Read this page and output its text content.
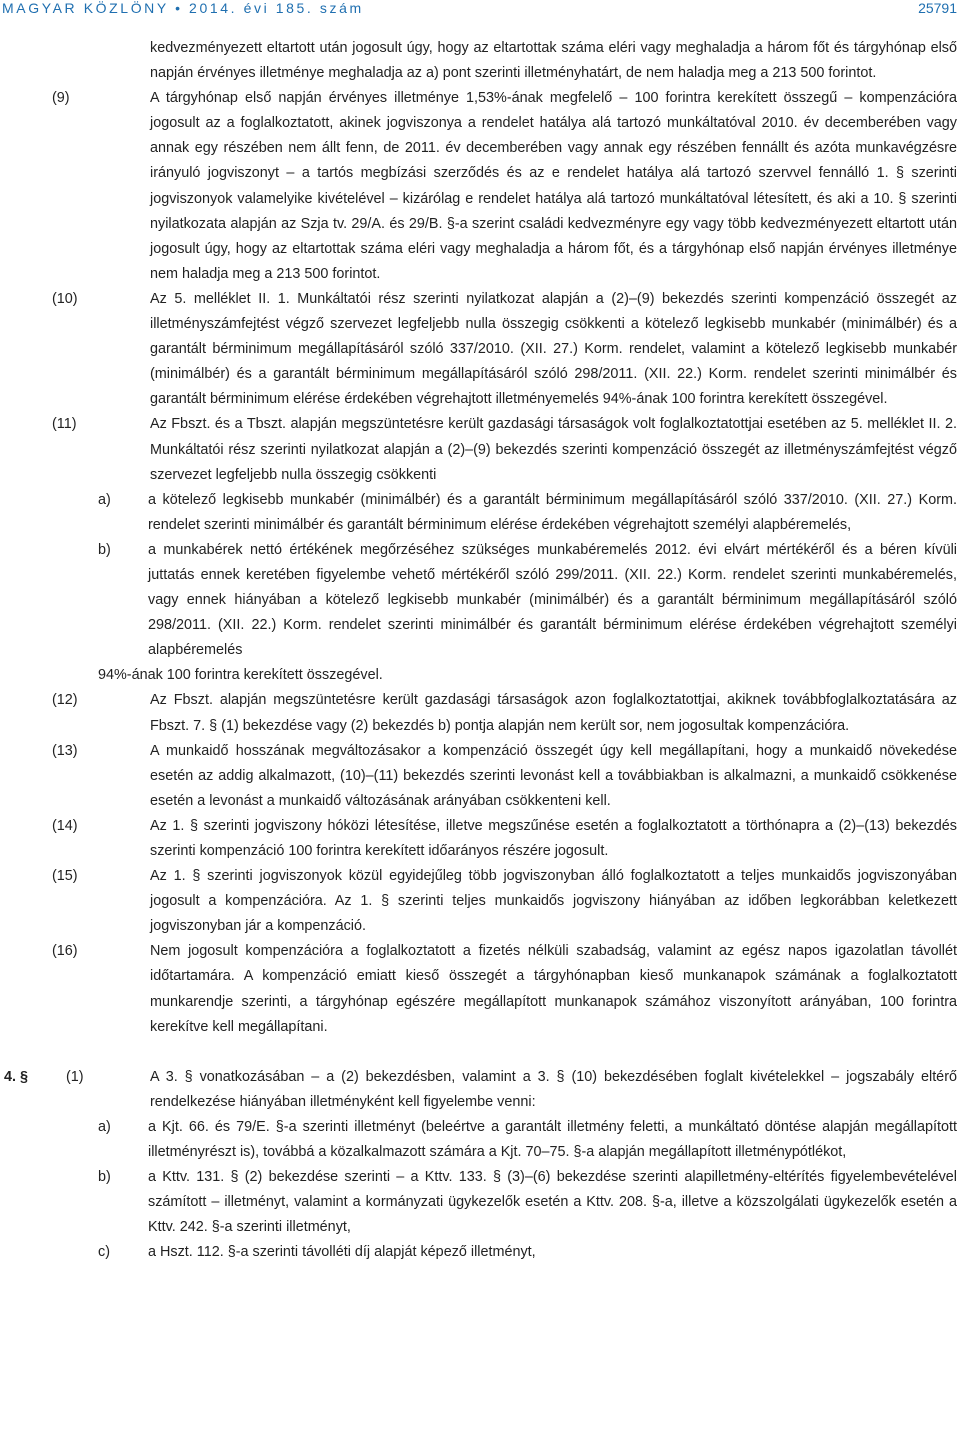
MAGYAR KÖZLÖNY • 2014. évi 185. szám	25791
kedvezményezett eltartott után jogosult úgy, hogy az eltartottak száma eléri vagy meghaladja a három főt és tárgyhónap első napján érvényes illetménye meghaladja az a) pont szerinti illetményhatárt, de nem haladja meg a 213 500 forintot.
(9)	A tárgyhónap első napján érvényes illetménye 1,53%-ának megfelelő – 100 forintra kerekített összegű – kompenzációra jogosult az a foglalkoztatott, akinek jogviszonya a rendelet hatálya alá tartozó munkáltatóval 2010. év decemberében vagy annak egy részében nem állt fenn, de 2011. év decemberében vagy annak egy részében fennállt és azóta munkavégzésre irányuló jogviszonyt – a tartós megbízási szerződés és az e rendelet hatálya alá tartozó szervvel fennálló 1. § szerinti jogviszonyok valamelyike kivételével – kizárólag e rendelet hatálya alá tartozó munkáltatóval létesített, és aki a 10. § szerinti nyilatkozata alapján az Szja tv. 29/A. és 29/B. §-a szerint családi kedvezményre egy vagy több kedvezményezett eltartott után jogosult úgy, hogy az eltartottak száma eléri vagy meghaladja a három főt, és a tárgyhónap első napján érvényes illetménye nem haladja meg a 213 500 forintot.
(10)	Az 5. melléklet II. 1. Munkáltatói rész szerinti nyilatkozat alapján a (2)–(9) bekezdés szerinti kompenzáció összegét az illetményszámfejtést végző szervezet legfeljebb nulla összegig csökkenti a kötelező legkisebb munkabér (minimálbér) és a garantált bérminimum megállapításáról szóló 337/2010. (XII. 27.) Korm. rendelet, valamint a kötelező legkisebb munkabér (minimálbér) és a garantált bérminimum megállapításáról szóló 298/2011. (XII. 22.) Korm. rendelet szerinti minimálbér és garantált bérminimum elérése érdekében végrehajtott illetményemelés 94%-ának 100 forintra kerekített összegével.
(11)	Az Fbszt. és a Tbszt. alapján megszüntetésre került gazdasági társaságok volt foglalkoztatottjai esetében az 5. melléklet II. 2. Munkáltatói rész szerinti nyilatkozat alapján a (2)–(9) bekezdés szerinti kompenzáció összegét az illetményszámfejtést végző szervezet legfeljebb nulla összegig csökkenti
a)	a kötelező legkisebb munkabér (minimálbér) és a garantált bérminimum megállapításáról szóló 337/2010. (XII. 27.) Korm. rendelet szerinti minimálbér és garantált bérminimum elérése érdekében végrehajtott személyi alapbéremelés,
b)	a munkabérek nettó értékének megőrzéséhez szükséges munkabéremelés 2012. évi elvárt mértékéről és a béren kívüli juttatás ennek keretében figyelembe vehető mértékéről szóló 299/2011. (XII. 22.) Korm. rendelet szerinti munkabéremelés, vagy ennek hiányában a kötelező legkisebb munkabér (minimálbér) és a garantált bérminimum megállapításáról szóló 298/2011. (XII. 22.) Korm. rendelet szerinti minimálbér és garantált bérminimum elérése érdekében végrehajtott személyi alapbéremelés
94%-ának 100 forintra kerekített összegével.
(12)	Az Fbszt. alapján megszüntetésre került gazdasági társaságok azon foglalkoztatottjai, akiknek továbbfoglalkoztatására az Fbszt. 7. § (1) bekezdése vagy (2) bekezdés b) pontja alapján nem került sor, nem jogosultak kompenzációra.
(13)	A munkaidő hosszának megváltozásakor a kompenzáció összegét úgy kell megállapítani, hogy a munkaidő növekedése esetén az addig alkalmazott, (10)–(11) bekezdés szerinti levonást kell a továbbiakban is alkalmazni, a munkaidő csökkenése esetén a levonást a munkaidő változásának arányában csökkenteni kell.
(14)	Az 1. § szerinti jogviszony hóközi létesítése, illetve megszűnése esetén a foglalkoztatott a törthónapra a (2)–(13) bekezdés szerinti kompenzáció 100 forintra kerekített időarányos részére jogosult.
(15)	Az 1. § szerinti jogviszonyok közül egyidejűleg több jogviszonyban álló foglalkoztatott a teljes munkaidős jogviszonyában jogosult a kompenzációra. Az 1. § szerinti teljes munkaidős jogviszony hiányában az időben legkorábban keletkezett jogviszonyban jár a kompenzáció.
(16)	Nem jogosult kompenzációra a foglalkoztatott a fizetés nélküli szabadság, valamint az egész napos igazolatlan távollét időtartamára. A kompenzáció emiatt kieső összegét a tárgyhónapban kieső munkanapok számának a foglalkoztatott munkarendje szerinti, a tárgyhónap egészére megállapított munkanapok számához viszonyított arányában, 100 forintra kerekítve kell megállapítani.
4. §	(1)	A 3. § vonatkozásában – a (2) bekezdésben, valamint a 3. § (10) bekezdésében foglalt kivételekkel – jogszabály eltérő rendelkezése hiányában illetményként kell figyelembe venni:
a)	a Kjt. 66. és 79/E. §-a szerinti illetményt (beleértve a garantált illetmény feletti, a munkáltató döntése alapján megállapított illetményrészt is), továbbá a közalkalmazott számára a Kjt. 70–75. §-a alapján megállapított illetménypótlékot,
b)	a Kttv. 131. § (2) bekezdése szerinti – a Kttv. 133. § (3)–(6) bekezdése szerinti alapilletmény-eltérítés figyelembevételével számított – illetményt, valamint a kormányzati ügykezelők esetén a Kttv. 208. §-a, illetve a közszolgálati ügykezelők esetén a Kttv. 242. §-a szerinti illetményt,
c)	a Hszt. 112. §-a szerinti távolléti díj alapját képező illetményt,
